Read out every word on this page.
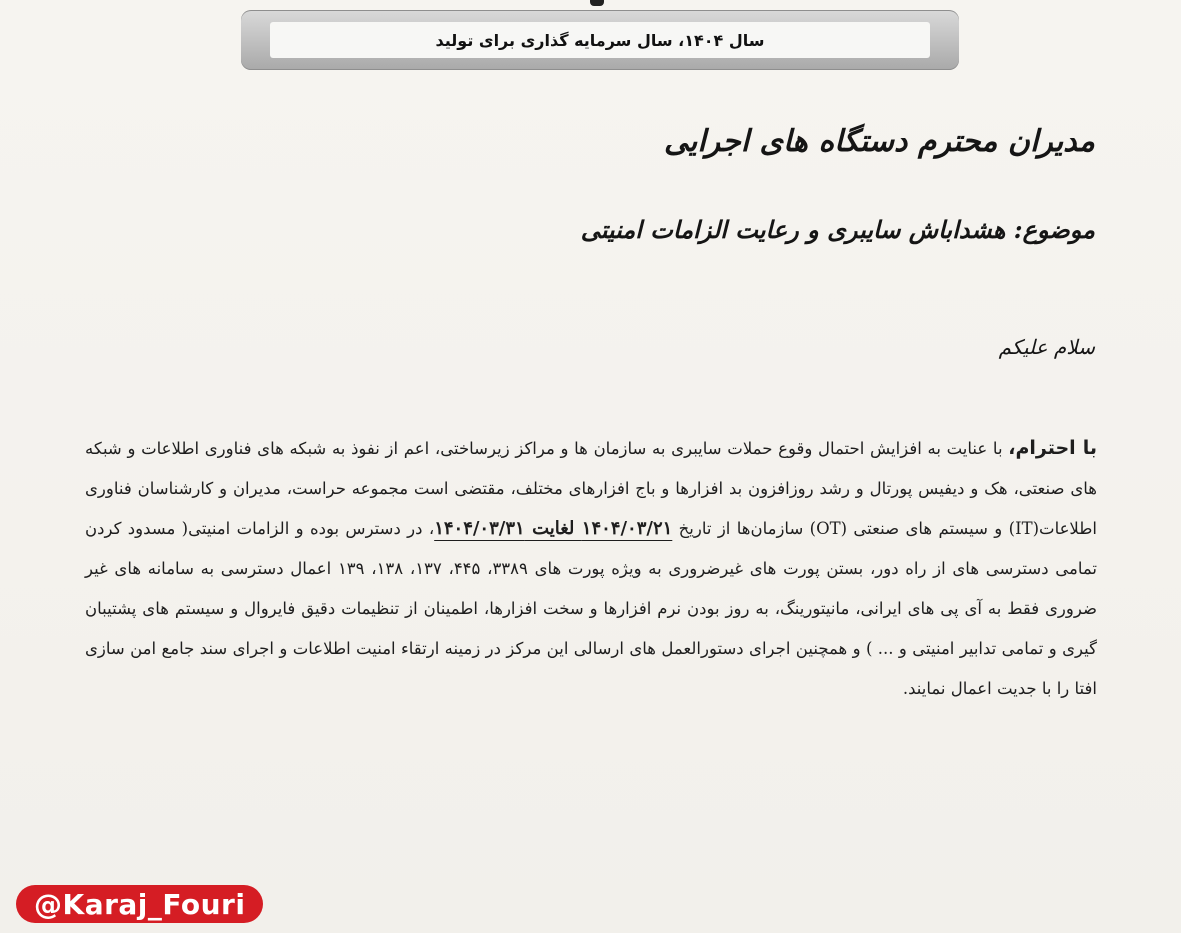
سال ۱۴۰۴، سال سرمایه گذاری برای تولید
مدیران محترم دستگاه های اجرایی
موضوع: هشداباش سایبری و رعایت الزامات امنیتی
سلام علیکم

با احترام، با عنایت به افزایش احتمال وقوع حملات سایبری به سازمان ها و مراکز زیرساختی، اعم از نفوذ به شبکه های فناوری اطلاعات و شبکه های صنعتی، هک و دیفیس پورتال و رشد روزافزون بد افزارها و باج افزارهای مختلف، مقتضی است مجموعه حراست، مدیران و کارشناسان فناوری اطلاعات(IT) و سیستم های صنعتی (OT) سازمان‌ها از تاریخ ۱۴۰۴/۰۳/۲۱ لغایت ۱۴۰۴/۰۳/۳۱، در دسترس بوده و الزامات امنیتی( مسدود کردن تمامی دسترسی های از راه دور، بستن پورت های غیرضروری به ویژه پورت های ۳۳۸۹، ۴۴۵، ۱۳۷، ۱۳۸، ۱۳۹ اعمال دسترسی به سامانه های غیر ضروری فقط به آی پی های ایرانی، مانیتورینگ، به روز بودن نرم افزارها و سخت افزارها، اطمینان از تنظیمات دقیق فایروال و سیستم های پشتیبان گیری و تمامی تدابیر امنیتی و ... ) و همچنین اجرای دستورالعمل های ارسالی این مرکز در زمینه ارتقاء امنیت اطلاعات و اجرای سند جامع امن سازی افتا را با جدیت اعمال نمایند.

@Karaj_Fouri
